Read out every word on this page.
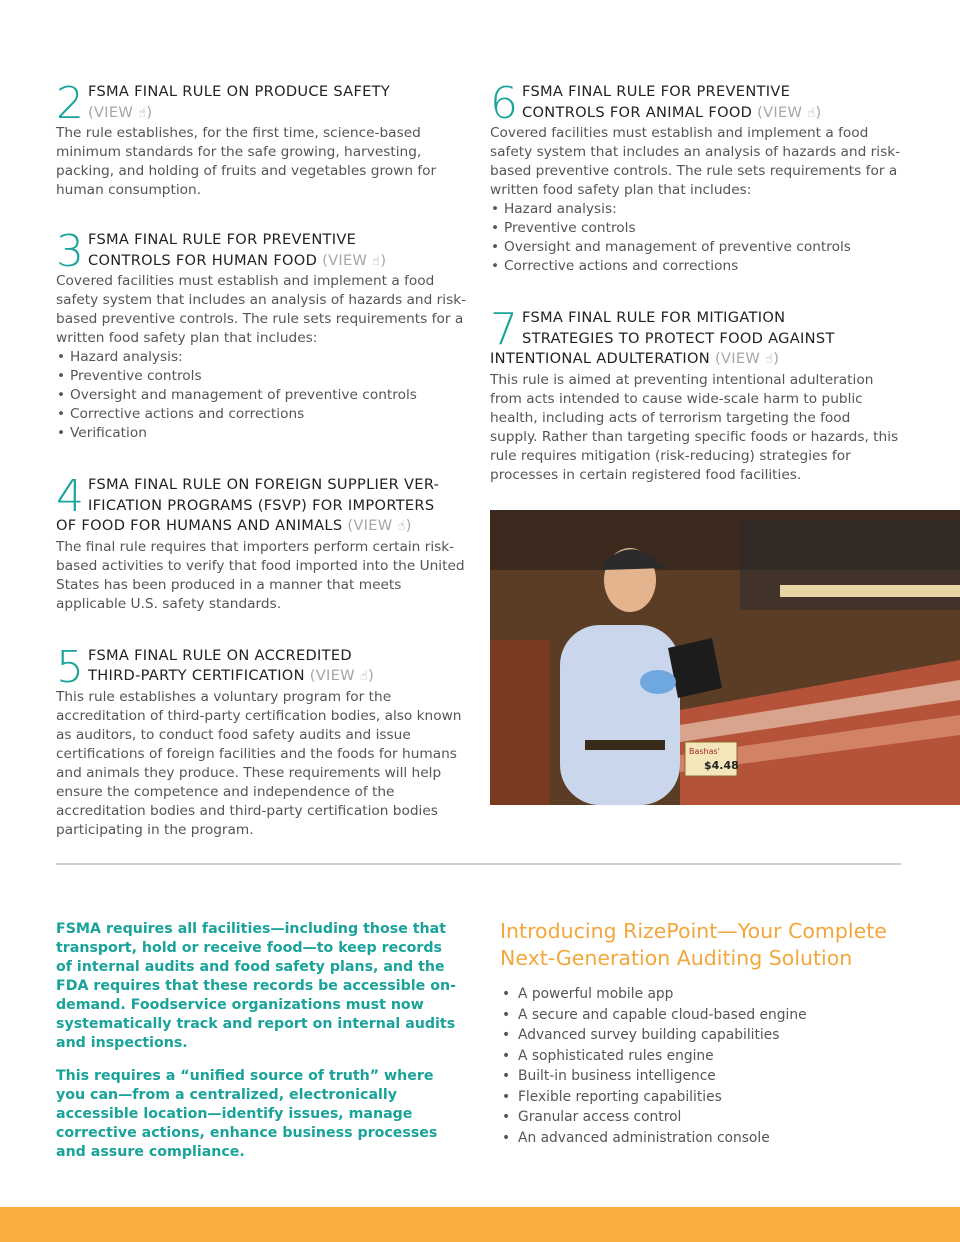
2 FSMA FINAL RULE ON PRODUCE SAFETY
(VIEW ☝)

The rule establishes, for the first time, science-based minimum standards for the safe growing, harvesting, packing, and holding of fruits and vegetables grown for human consumption.

3 FSMA FINAL RULE FOR PREVENTIVE
CONTROLS FOR HUMAN FOOD (VIEW ☝)
Covered facilities must establish and implement a food safety system that includes an analysis of hazards and risk-based preventive controls. The rule sets requirements for a written food safety plan that includes:
• Hazard analysis:
• Preventive controls
• Oversight and management of preventive controls
• Corrective actions and corrections
• Verification
4 FSMA FINAL RULE ON FOREIGN SUPPLIER VER-
IFICATION PROGRAMS (FSVP) FOR IMPORTERS
OF FOOD FOR HUMANS AND ANIMALS (VIEW ☝)

The final rule requires that importers perform certain risk-based activities to verify that food imported into the United States has been produced in a manner that meets applicable U.S. safety standards.

5 FSMA FINAL RULE ON ACCREDITED
THIRD-PARTY CERTIFICATION (VIEW ☝)

This rule establishes a voluntary program for the accreditation of third-party certification bodies, also known as auditors, to conduct food safety audits and issue certifications of foreign facilities and the foods for humans and animals they produce. These requirements will help ensure the competence and independence of the accreditation bodies and third-party certification bodies participating in the program.

6 FSMA FINAL RULE FOR PREVENTIVE
CONTROLS FOR ANIMAL FOOD (VIEW ☝)
Covered facilities must establish and implement a food safety system that includes an analysis of hazards and risk-based preventive controls. The rule sets requirements for a written food safety plan that includes:
• Hazard analysis:
• Preventive controls
• Oversight and management of preventive controls
• Corrective actions and corrections
7 FSMA FINAL RULE FOR MITIGATION
STRATEGIES TO PROTECT FOOD AGAINST
INTENTIONAL ADULTERATION (VIEW ☝)

This rule is aimed at preventing intentional adulteration from acts intended to cause wide-scale harm to public health, including acts of terrorism targeting the food supply. Rather than targeting specific foods or hazards, this rule requires mitigation (risk-reducing) strategies for processes in certain registered food facilities.

Bashas'
$4.48

FSMA requires all facilities—including those that transport, hold or receive food—to keep records of internal audits and food safety plans, and the FDA requires that these records be accessible on-demand. Foodservice organizations must now systematically track and report on internal audits and inspections.

This requires a “unified source of truth” where you can—from a centralized, electronically accessible location—identify issues, manage corrective actions, enhance business processes and assure compliance.

Introducing RizePoint—Your Complete Next-Generation Auditing Solution
• A powerful mobile app
• A secure and capable cloud-based engine
• Advanced survey building capabilities
• A sophisticated rules engine
• Built-in business intelligence
• Flexible reporting capabilities
• Granular access control
• An advanced administration console
